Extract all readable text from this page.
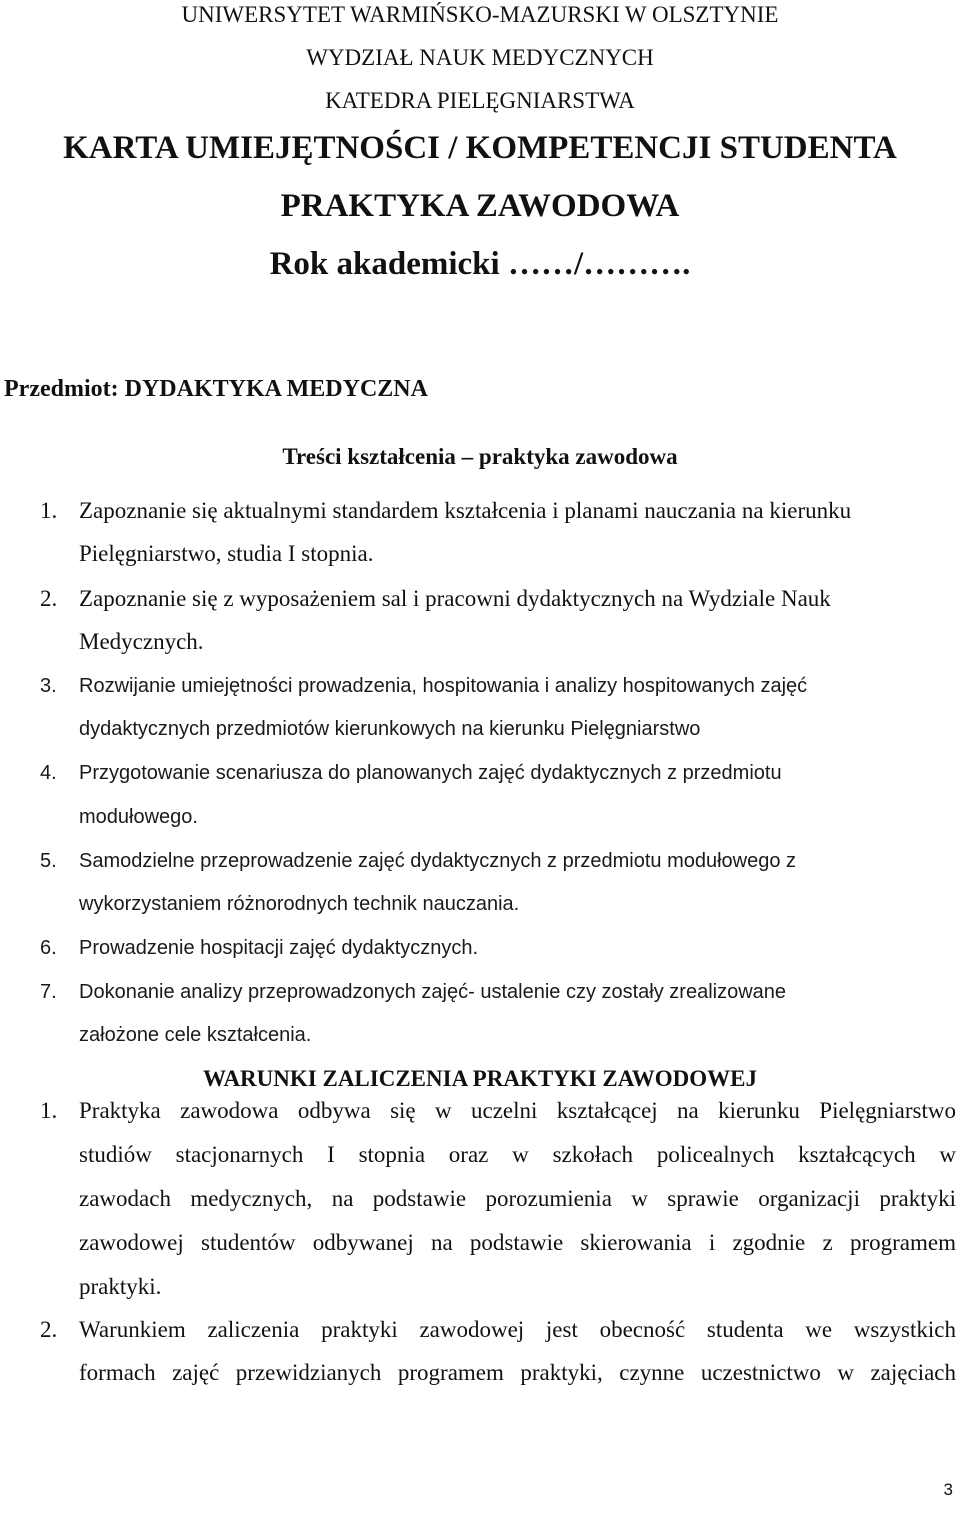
UNIWERSYTET WARMIŃSKO-MAZURSKI W OLSZTYNIE
WYDZIAŁ NAUK MEDYCZNYCH
KATEDRA PIELĘGNIARSTWA
KARTA UMIEJĘTNOŚCI / KOMPETENCJI STUDENTA
PRAKTYKA ZAWODOWA
Rok akademicki ……/……….
Przedmiot: DYDAKTYKA MEDYCZNA
Treści kształcenia – praktyka zawodowa
1. Zapoznanie się aktualnymi standardem kształcenia i planami nauczania na kierunku
Pielęgniarstwo, studia I stopnia.
2. Zapoznanie się z wyposażeniem sal i pracowni dydaktycznych na Wydziale Nauk
Medycznych.
3.	Rozwijanie umiejętności prowadzenia, hospitowania i analizy hospitowanych zajęć
dydaktycznych przedmiotów kierunkowych na kierunku Pielęgniarstwo
4.	Przygotowanie scenariusza do planowanych zajęć dydaktycznych z przedmiotu
modułowego.
5.	Samodzielne przeprowadzenie zajęć dydaktycznych z przedmiotu modułowego z
wykorzystaniem różnorodnych technik nauczania.
6.	Prowadzenie hospitacji zajęć dydaktycznych.
7.	Dokonanie analizy przeprowadzonych zajęć- ustalenie czy zostały zrealizowane
założone cele kształcenia.
WARUNKI ZALICZENIA PRAKTYKI ZAWODOWEJ
1. Praktyka zawodowa odbywa się w uczelni kształcącej na kierunku Pielęgniarstwo
studiów stacjonarnych I stopnia oraz w szkołach policealnych kształcących w
zawodach medycznych, na podstawie porozumienia w sprawie organizacji praktyki
zawodowej studentów odbywanej na podstawie skierowania i zgodnie z programem
praktyki.
2. Warunkiem zaliczenia praktyki zawodowej jest obecność studenta we wszystkich
formach zajęć przewidzianych programem praktyki, czynne uczestnictwo w zajęciach
3
